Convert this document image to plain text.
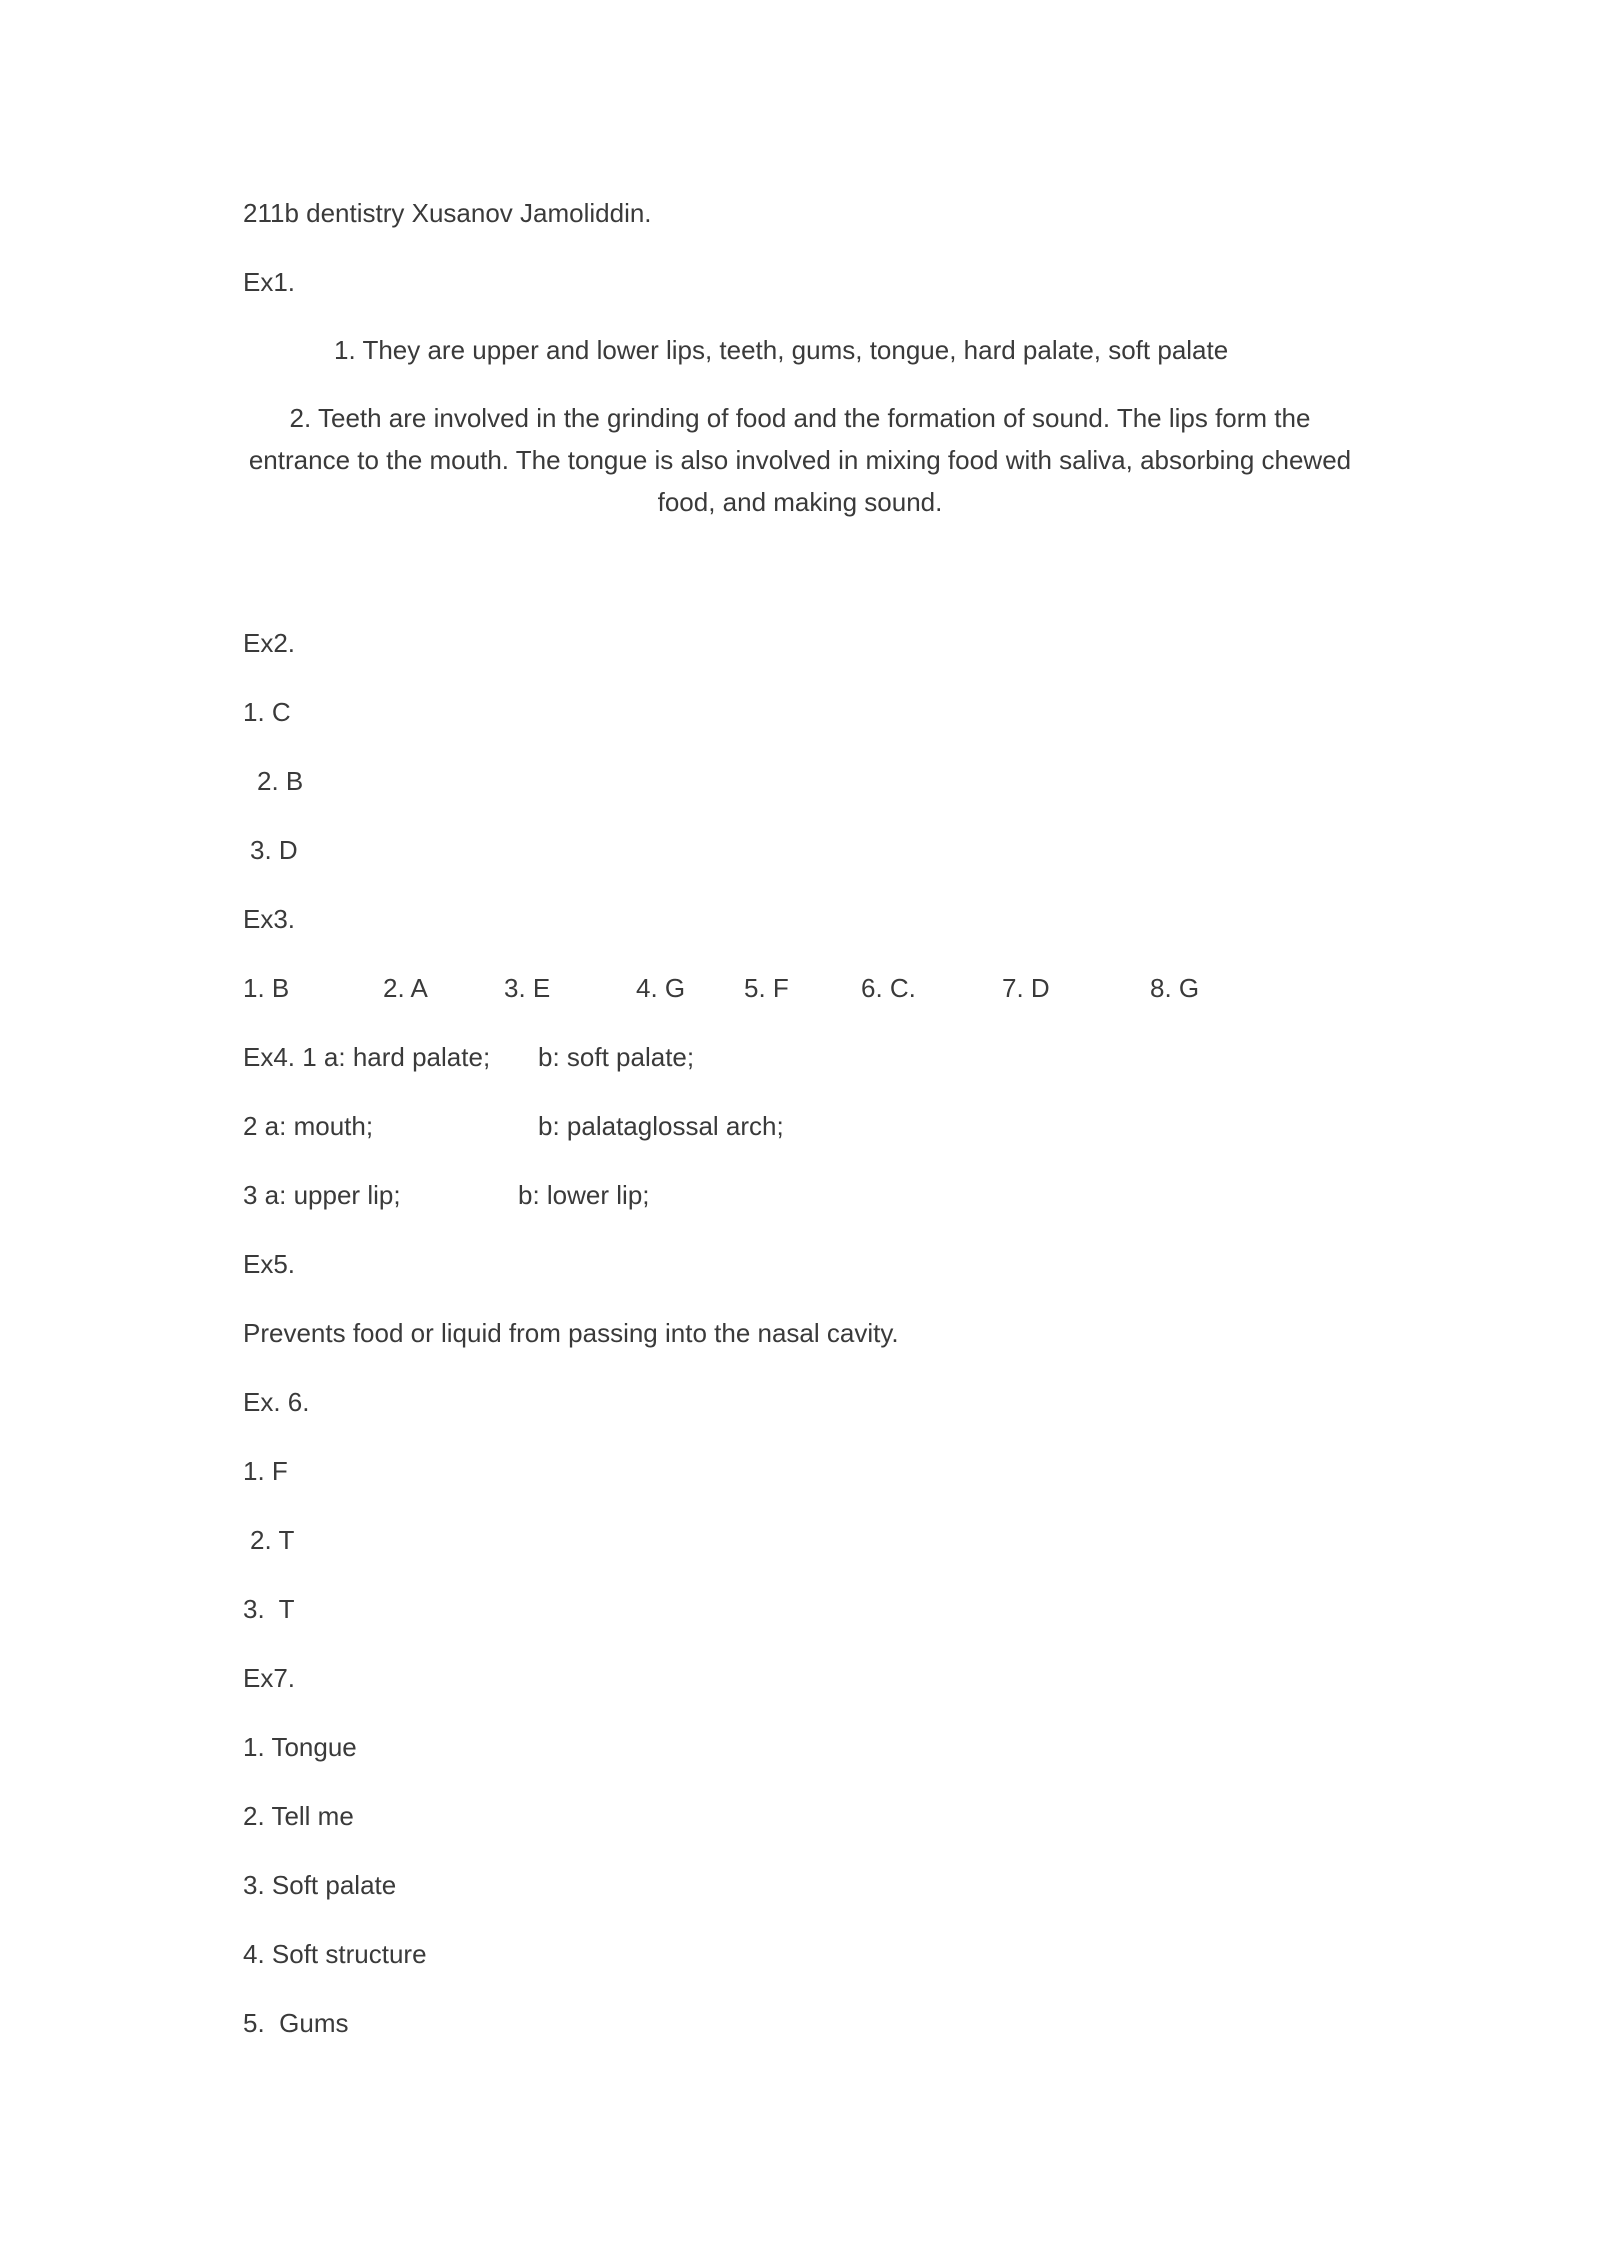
211b dentistry Xusanov Jamoliddin.
Ex1.
1. They are upper and lower lips, teeth, gums, tongue, hard palate, soft palate
2. Teeth are involved in the grinding of food and the formation of sound. The lips form the entrance to the mouth. The tongue is also involved in mixing food with saliva, absorbing chewed food, and making sound.
Ex2.
1. C
2. B
3. D
Ex3.
1. B	2. A	3. E	4. G 5. F	6. C.	7. D	8. G
Ex4. 1 a: hard palate; b: soft palate;
2 a: mouth;	b: palataglossal arch;
3 a: upper lip;	b: lower lip;
Ex5.
Prevents food or liquid from passing into the nasal cavity.
Ex. 6.
1. F
2. T
3.  T
Ex7.
1. Tongue
2. Tell me
3. Soft palate
4. Soft structure
5.  Gums
